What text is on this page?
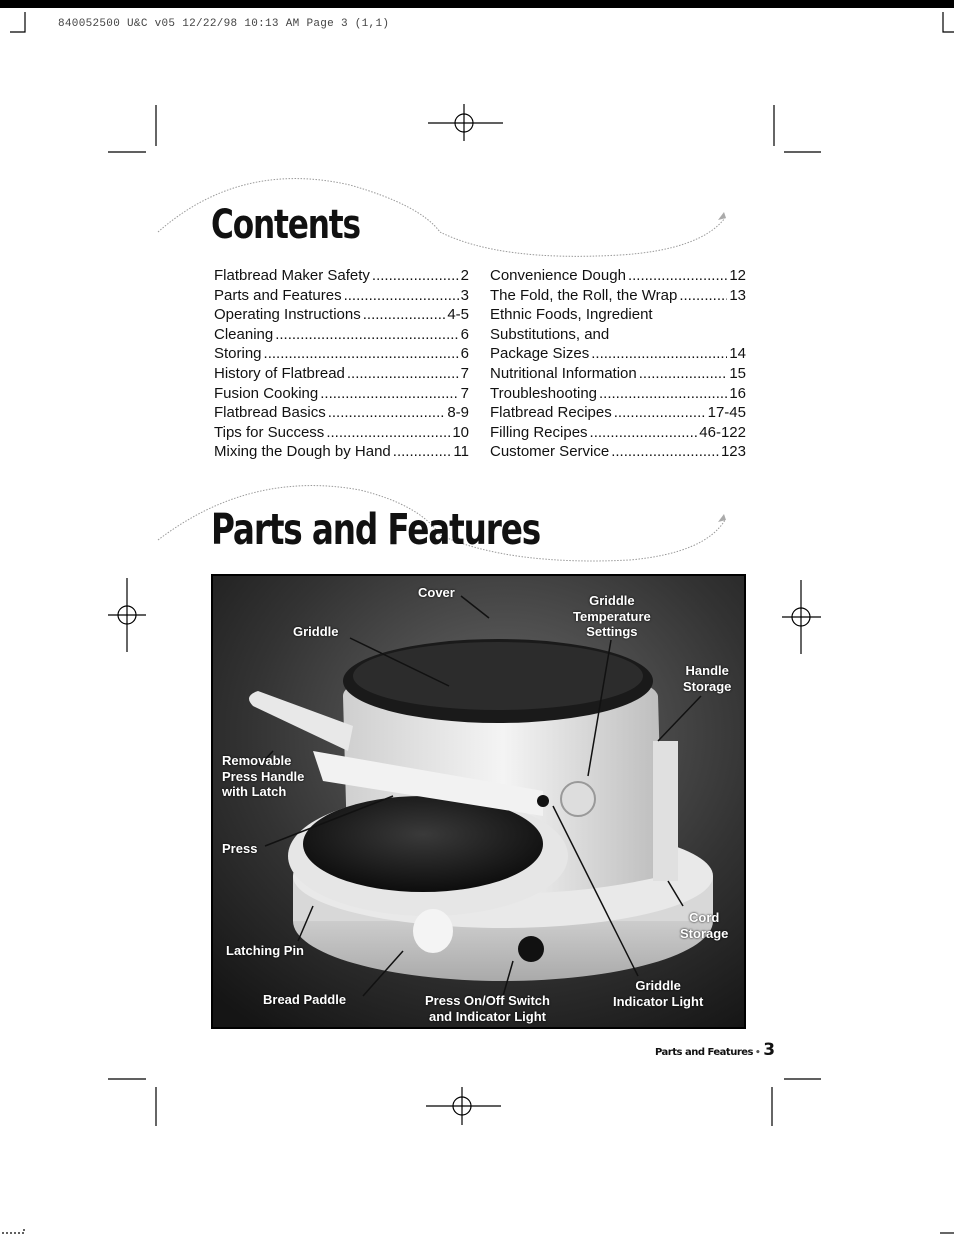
840052500 U&C v05 12/22/98 10:13 AM Page 3 (1,1)
Contents
Flatbread Maker Safety .....	2
Parts and Features .....	3
Operating Instructions .....	4-5
Cleaning .....	6
Storing .....	6
History of Flatbread .....	7
Fusion Cooking .....	7
Flatbread Basics .....	8-9
Tips for Success .....	10
Mixing the Dough by Hand .....	11
Convenience Dough .....	12
The Fold, the Roll, the Wrap .....	13
Ethnic Foods, Ingredient
Substitutions, and
Package Sizes .....	14
Nutritional Information .....	15
Troubleshooting .....	16
Flatbread Recipes .....	17-45
Filling Recipes .....	46-122
Customer Service .....	123
Parts and Features
Cover
Griddle
Griddle
Temperature
Settings
Handle
Storage
Removable
Press Handle
with Latch
Press
Cord
Storage
Latching Pin
Bread Paddle	Press On/Off Switch
and Indicator Light
Griddle
Indicator Light
Parts and Features • 3
